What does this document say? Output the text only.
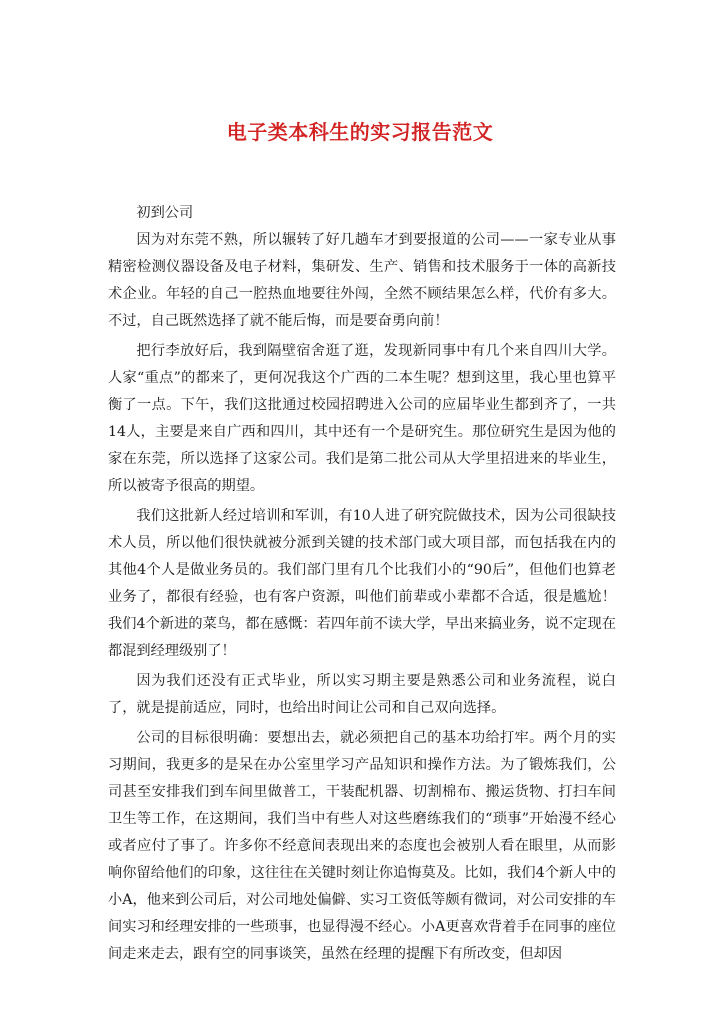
电子类本科生的实习报告范文

初到公司

因为对东莞不熟，所以辗转了好几趟车才到要报道的公司——一家专业从事精密检测仪器设备及电子材料，集研发、生产、销售和技术服务于一体的高新技术企业。年轻的自己一腔热血地要往外闯，全然不顾结果怎么样，代价有多大。不过，自己既然选择了就不能后悔，而是要奋勇向前！

把行李放好后，我到隔壁宿舍逛了逛，发现新同事中有几个来自四川大学。人家“重点”的都来了，更何况我这个广西的二本生呢？想到这里，我心里也算平衡了一点。下午，我们这批通过校园招聘进入公司的应届毕业生都到齐了，一共14人，主要是来自广西和四川，其中还有一个是研究生。那位研究生是因为他的家在东莞，所以选择了这家公司。我们是第二批公司从大学里招进来的毕业生，所以被寄予很高的期望。

我们这批新人经过培训和军训，有10人进了研究院做技术，因为公司很缺技术人员，所以他们很快就被分派到关键的技术部门或大项目部，而包括我在内的其他4个人是做业务员的。我们部门里有几个比我们小的“90后”，但他们也算老业务了，都很有经验，也有客户资源，叫他们前辈或小辈都不合适，很是尴尬！我们4个新进的菜鸟，都在感慨：若四年前不读大学，早出来搞业务，说不定现在都混到经理级别了！

因为我们还没有正式毕业，所以实习期主要是熟悉公司和业务流程，说白了，就是提前适应，同时，也给出时间让公司和自己双向选择。

公司的目标很明确：要想出去，就必须把自己的基本功给打牢。两个月的实习期间，我更多的是呆在办公室里学习产品知识和操作方法。为了锻炼我们，公司甚至安排我们到车间里做普工，干装配机器、切割棉布、搬运货物、打扫车间卫生等工作，在这期间，我们当中有些人对这些磨练我们的“琐事”开始漫不经心或者应付了事了。许多你不经意间表现出来的态度也会被别人看在眼里，从而影响你留给他们的印象，这往往在关键时刻让你追悔莫及。比如，我们4个新人中的小A，他来到公司后，对公司地处偏僻、实习工资低等颇有微词，对公司安排的车间实习和经理安排的一些琐事，也显得漫不经心。小A更喜欢背着手在同事的座位间走来走去，跟有空的同事谈笑，虽然在经理的提醒下有所改变，但却因
